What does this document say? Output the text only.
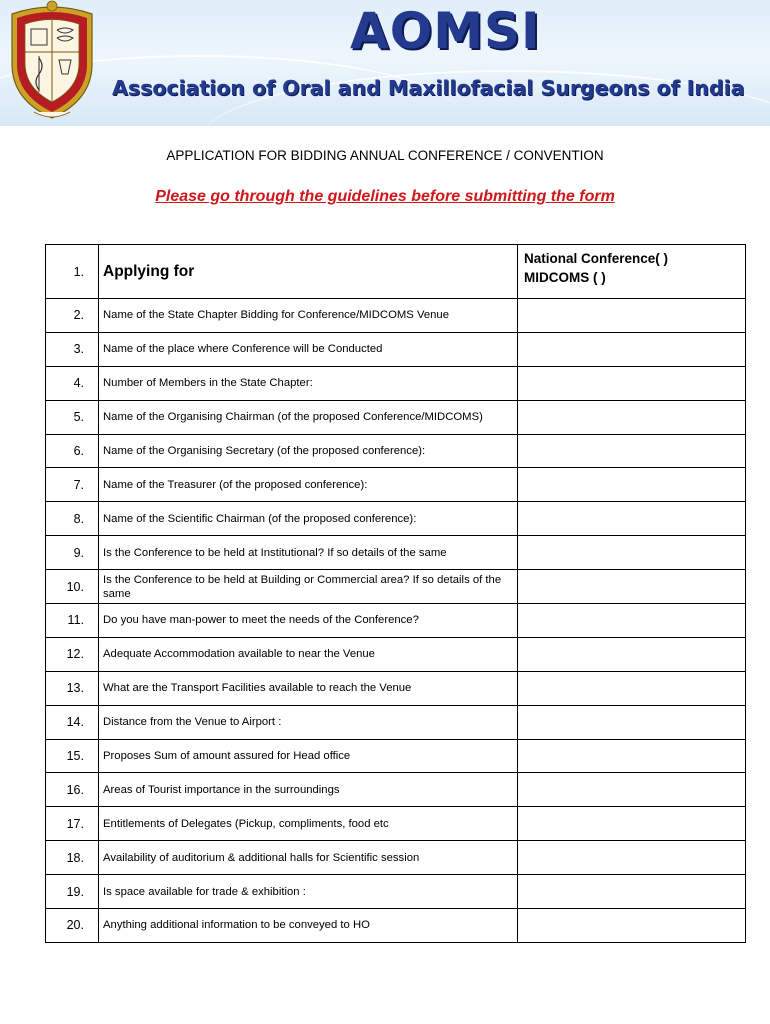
AOMSI
Association of Oral and Maxillofacial Surgeons of India
APPLICATION FOR BIDDING ANNUAL CONFERENCE / CONVENTION
Please go through the guidelines before submitting the form
1.	Applying for	National Conference( )
MIDCOMS ( )

2.	Name of the State Chapter Bidding for Conference/MIDCOMS Venue	
3.	Name of the place where Conference will be Conducted	
4.	Number of Members in the State Chapter:	
5.	Name of the Organising Chairman (of the proposed Conference/MIDCOMS)	
6.	Name of the Organising Secretary (of the proposed conference):	
7.	Name of the Treasurer (of the proposed conference):	
8.	Name of the Scientific Chairman (of the proposed conference):	
9.	Is the Conference to be held at Institutional? If so details of the same	
10.	Is the Conference to be held at Building or Commercial area? If so details of the same	
11.	Do you have man-power to meet the needs of the Conference?	
12.	Adequate Accommodation available to near the Venue	
13.	What are the Transport Facilities available to reach the Venue	
14.	Distance from the Venue to Airport :	
15.	Proposes Sum of amount assured for Head office	
16.	Areas of Tourist importance in the surroundings	
17.	Entitlements of Delegates (Pickup, compliments, food etc	
18.	Availability of auditorium & additional halls for Scientific session	
19.	Is space available for trade & exhibition :	
20.	Anything additional information to be conveyed to HO	
